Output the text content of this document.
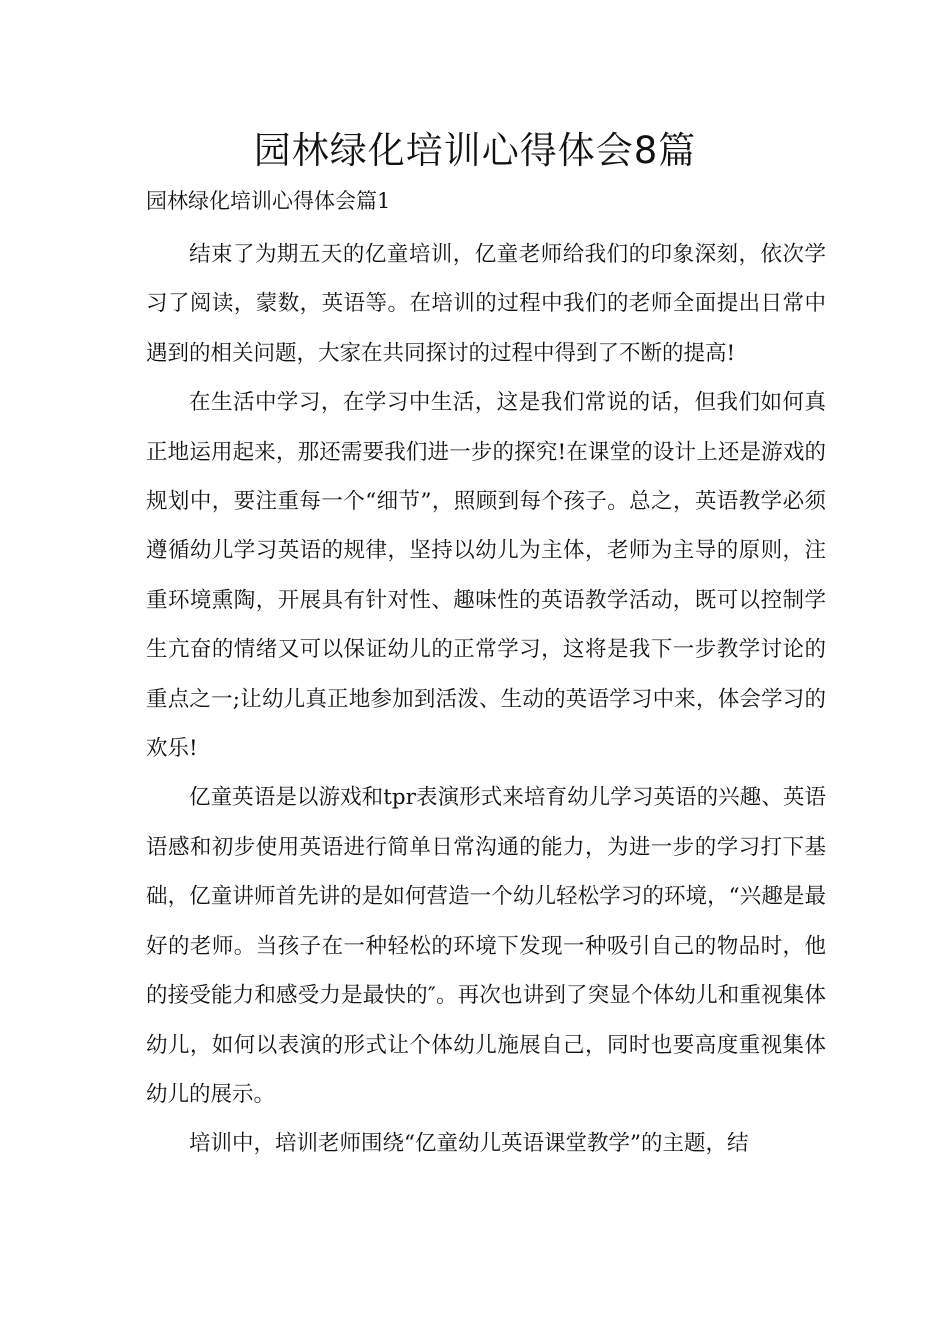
园林绿化培训心得体会8篇
园林绿化培训心得体会篇1

结束了为期五天的亿童培训，亿童老师给我们的印象深刻，依次学习了阅读，蒙数，英语等。在培训的过程中我们的老师全面提出日常中遇到的相关问题，大家在共同探讨的过程中得到了不断的提高!

在生活中学习，在学习中生活，这是我们常说的话，但我们如何真正地运用起来，那还需要我们进一步的探究!在课堂的设计上还是游戏的规划中，要注重每一个“细节”，照顾到每个孩子。总之，英语教学必须遵循幼儿学习英语的规律，坚持以幼儿为主体，老师为主导的原则，注重环境熏陶，开展具有针对性、趣味性的英语教学活动，既可以控制学生亢奋的情绪又可以保证幼儿的正常学习，这将是我下一步教学讨论的重点之一;让幼儿真正地参加到活泼、生动的英语学习中来，体会学习的欢乐!

亿童英语是以游戏和tpr表演形式来培育幼儿学习英语的兴趣、英语语感和初步使用英语进行简单日常沟通的能力，为进一步的学习打下基础，亿童讲师首先讲的是如何营造一个幼儿轻松学习的环境，“兴趣是最好的老师。当孩子在一种轻松的环境下发现一种吸引自己的物品时，他的接受能力和感受力是最快的″。再次也讲到了突显个体幼儿和重视集体幼儿，如何以表演的形式让个体幼儿施展自己，同时也要高度重视集体幼儿的展示。

培训中，培训老师围绕“亿童幼儿英语课堂教学”的主题，结
